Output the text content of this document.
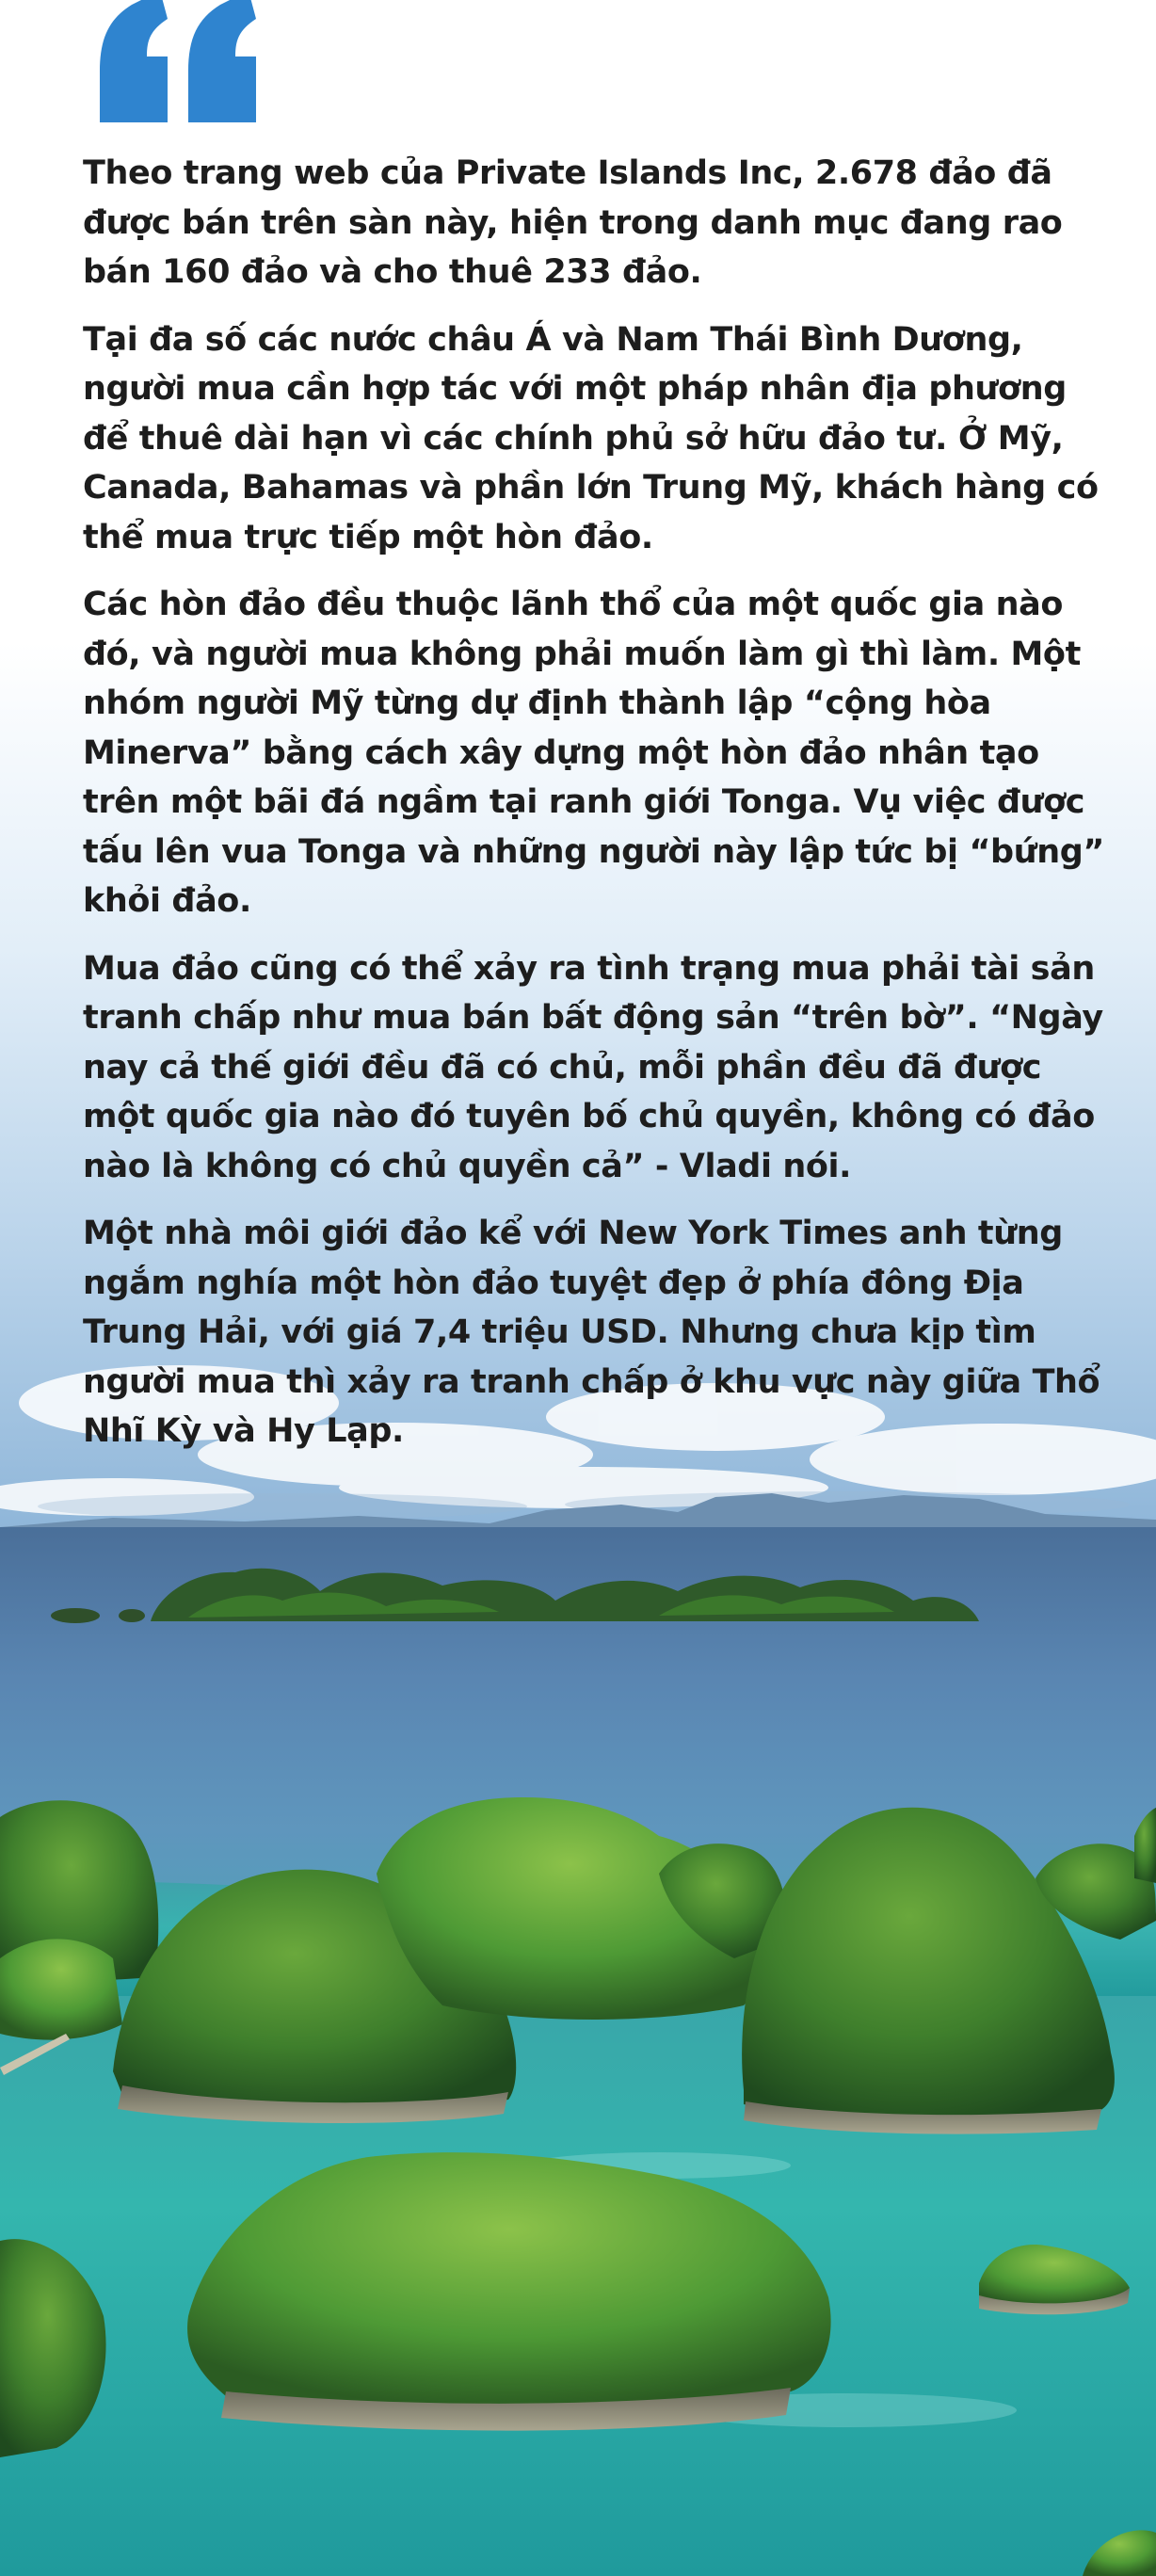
Theo trang web của Private Islands Inc, 2.678 đảo đã được bán trên sàn này, hiện trong danh mục đang rao bán 160 đảo và cho thuê 233 đảo.

Tại đa số các nước châu Á và Nam Thái Bình Dương, người mua cần hợp tác với một pháp nhân địa phương để thuê dài hạn vì các chính phủ sở hữu đảo tư. Ở Mỹ, Canada, Bahamas và phần lớn Trung Mỹ, khách hàng có thể mua trực tiếp một hòn đảo.

Các hòn đảo đều thuộc lãnh thổ của một quốc gia nào đó, và người mua không phải muốn làm gì thì làm. Một nhóm người Mỹ từng dự định thành lập “cộng hòa Minerva” bằng cách xây dựng một hòn đảo nhân tạo trên một bãi đá ngầm tại ranh giới Tonga. Vụ việc được tấu lên vua Tonga và những người này lập tức bị “bứng” khỏi đảo.

Mua đảo cũng có thể xảy ra tình trạng mua phải tài sản tranh chấp như mua bán bất động sản “trên bờ”. “Ngày nay cả thế giới đều đã có chủ, mỗi phần đều đã được một quốc gia nào đó tuyên bố chủ quyền, không có đảo nào là không có chủ quyền cả” - Vladi nói.

Một nhà môi giới đảo kể với New York Times anh từng ngắm nghía một hòn đảo tuyệt đẹp ở phía đông Địa Trung Hải, với giá 7,4 triệu USD. Nhưng chưa kịp tìm người mua thì xảy ra tranh chấp ở khu vực này giữa Thổ Nhĩ Kỳ và Hy Lạp.
